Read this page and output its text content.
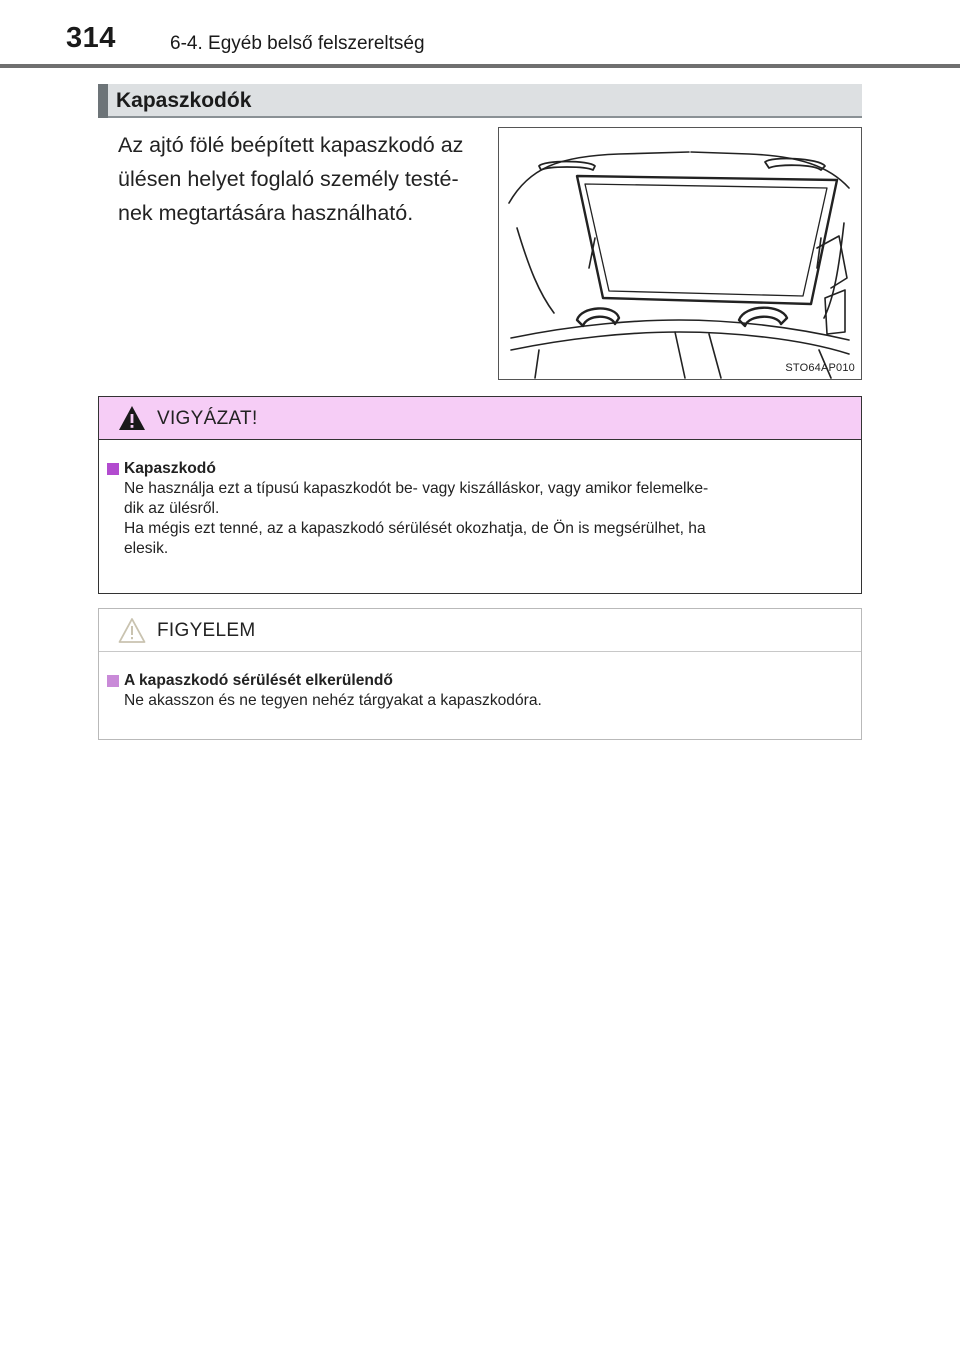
314	6-4. Egyéb belső felszereltség
Kapaszkodók
Az ajtó fölé beépített kapaszkodó az
ülésen helyet foglaló személy testé-
nek megtartására használható.
STO64AP010
VIGYÁZAT!
Kapaszkodó
Ne használja ezt a típusú kapaszkodót be- vagy kiszálláskor, vagy amikor felemelke-
dik az ülésről.
Ha mégis ezt tenné, az a kapaszkodó sérülését okozhatja, de Ön is megsérülhet, ha
elesik.
FIGYELEM
A kapaszkodó sérülését elkerülendő
Ne akasszon és ne tegyen nehéz tárgyakat a kapaszkodóra.
